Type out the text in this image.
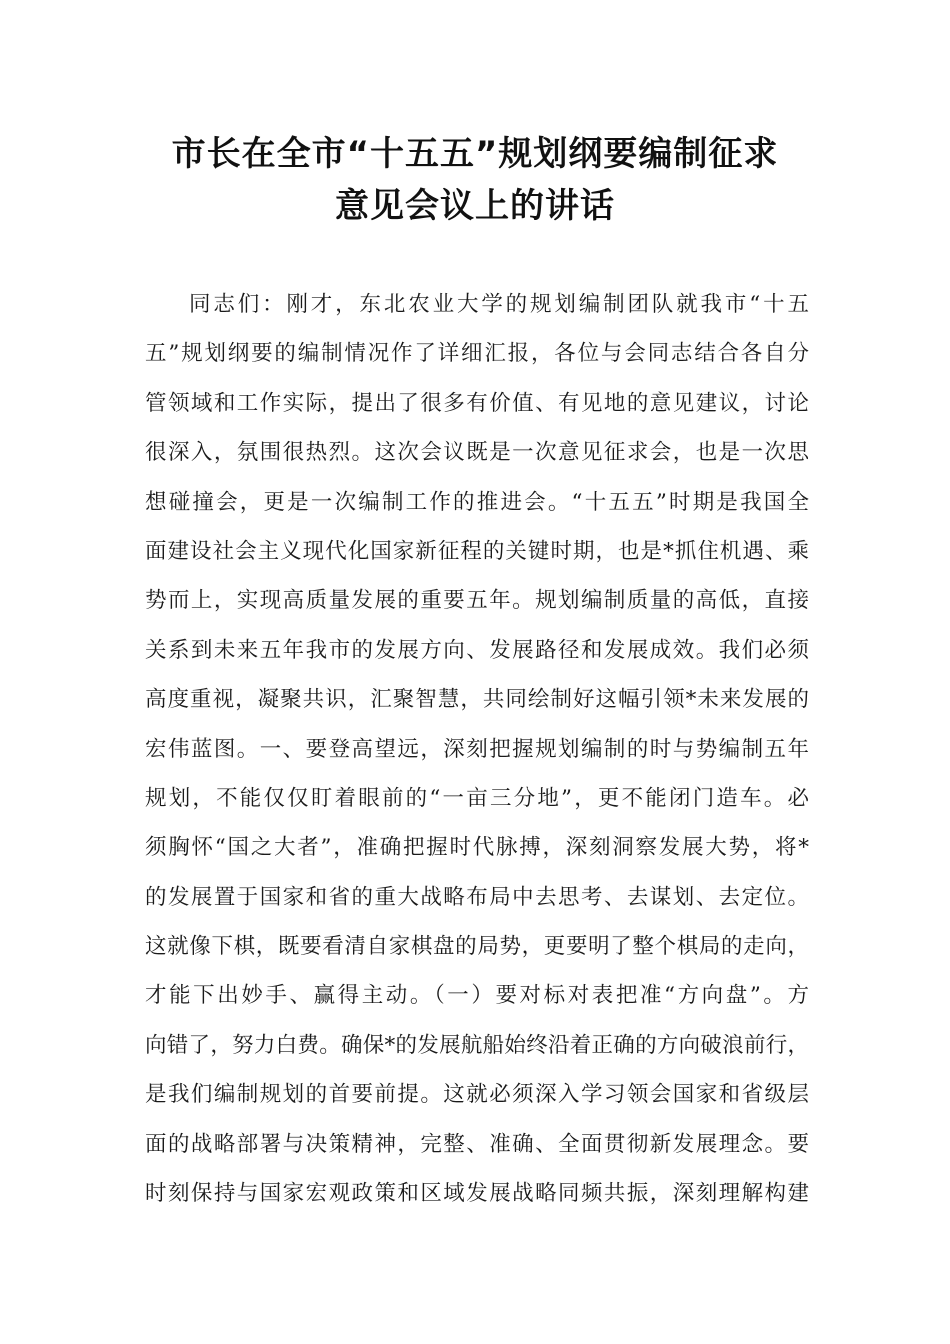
市长在全市“十五五”规划纲要编制征求
意见会议上的讲话
同志们：刚才，东北农业大学的规划编制团队就我市“十五
五”规划纲要的编制情况作了详细汇报，各位与会同志结合各自分
管领域和工作实际，提出了很多有价值、有见地的意见建议，讨论
很深入，氛围很热烈。这次会议既是一次意见征求会，也是一次思
想碰撞会，更是一次编制工作的推进会。“十五五”时期是我国全
面建设社会主义现代化国家新征程的关键时期，也是*抓住机遇、乘
势而上，实现高质量发展的重要五年。规划编制质量的高低，直接
关系到未来五年我市的发展方向、发展路径和发展成效。我们必须
高度重视，凝聚共识，汇聚智慧，共同绘制好这幅引领*未来发展的
宏伟蓝图。一、要登高望远，深刻把握规划编制的时与势编制五年
规划，不能仅仅盯着眼前的“一亩三分地”，更不能闭门造车。必
须胸怀“国之大者”，准确把握时代脉搏，深刻洞察发展大势，将*
的发展置于国家和省的重大战略布局中去思考、去谋划、去定位。
这就像下棋，既要看清自家棋盘的局势，更要明了整个棋局的走向，
才能下出妙手、赢得主动。（一）要对标对表把准“方向盘”。方
向错了，努力白费。确保*的发展航船始终沿着正确的方向破浪前行，
是我们编制规划的首要前提。这就必须深入学习领会国家和省级层
面的战略部署与决策精神，完整、准确、全面贯彻新发展理念。要
时刻保持与国家宏观政策和区域发展战略同频共振，深刻理解构建
